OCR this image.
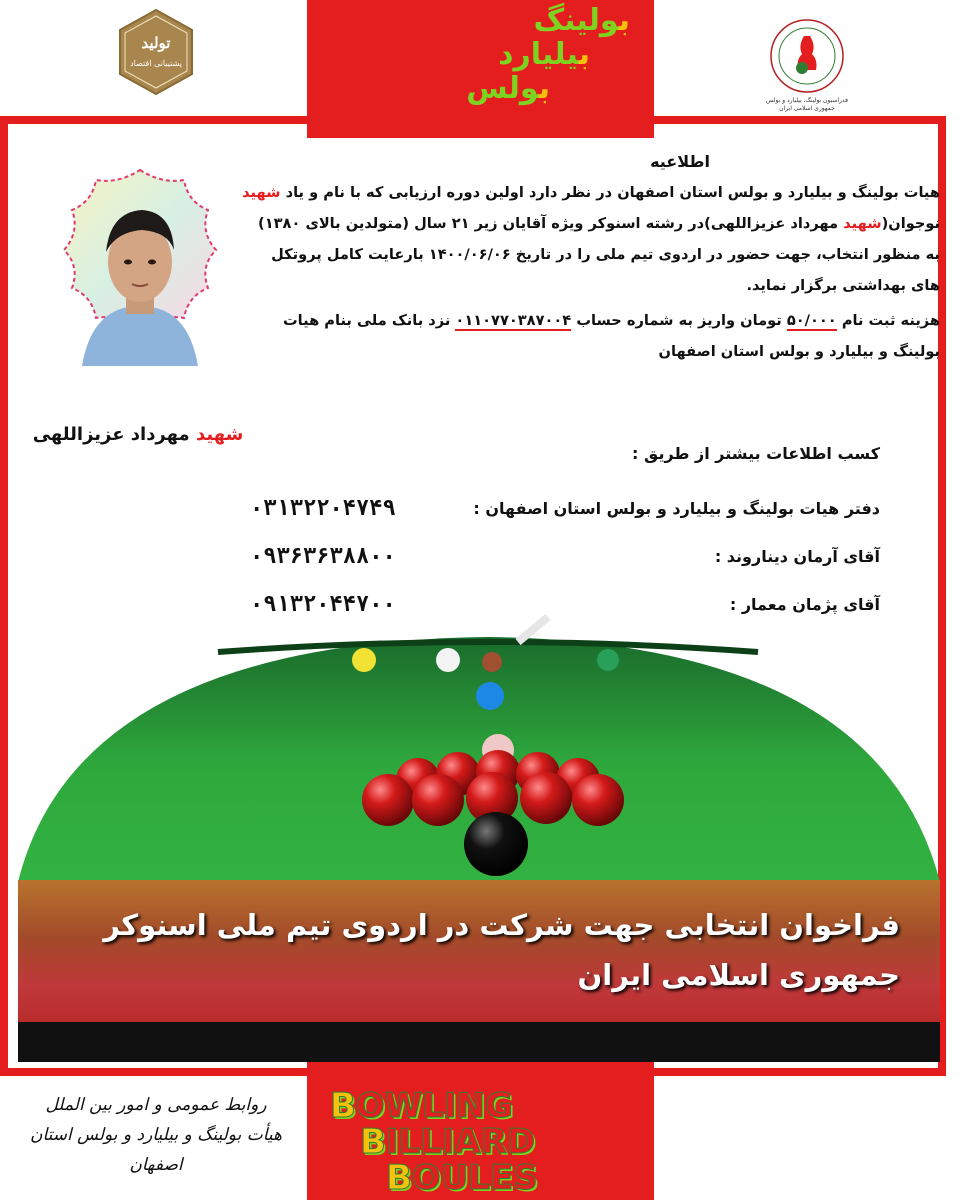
بولینگ
بیلیارد
بولس
تولید
پشتیبانی اقتصاد
فدراسیون بولینگ، بیلیارد و بولس
جمهوری اسلامی ایران
شهید مهرداد عزیزاللهی
اطلاعیه

هیات بولینگ و بیلیارد و بولس استان اصفهان در نظر دارد اولین دوره ارزیابی که با نام و یاد شهید نوجوان(شهید مهرداد عزیزاللهی)در رشته اسنوکر ویژه آقایان زیر ۲۱ سال (متولدین بالای ۱۳۸۰) به منظور انتخاب، جهت حضور در اردوی تیم ملی را در تاریخ ۱۴۰۰/۰۶/۰۶ بارعایت کامل پروتکل های بهداشتی برگزار نماید.

هزینه ثبت نام ۵۰/۰۰۰ تومان واریز به شماره حساب ۰۱۱۰۷۷۰۳۸۷۰۰۴ نزد بانک ملی بنام هیات بولینگ و بیلیارد و بولس استان اصفهان

کسب اطلاعات بیشتر از طریق :
دفتر هیات بولینگ و بیلیارد و بولس استان اصفهان :
۰۳۱۳۲۲۰۴۷۴۹
آقای آرمان دیناروند :
۰۹۳۶۳۶۳۸۸۰۰
آقای پژمان معمار :
۰۹۱۳۲۰۴۴۷۰۰
فراخوان انتخابی جهت شرکت در اردوی تیم ملی اسنوکر
جمهوری اسلامی ایران
BOWLING
BILLIARD
BOULES
روابط عمومی و امور بین الملل
هیأت بولینگ و بیلیارد و بولس استان اصفهان
